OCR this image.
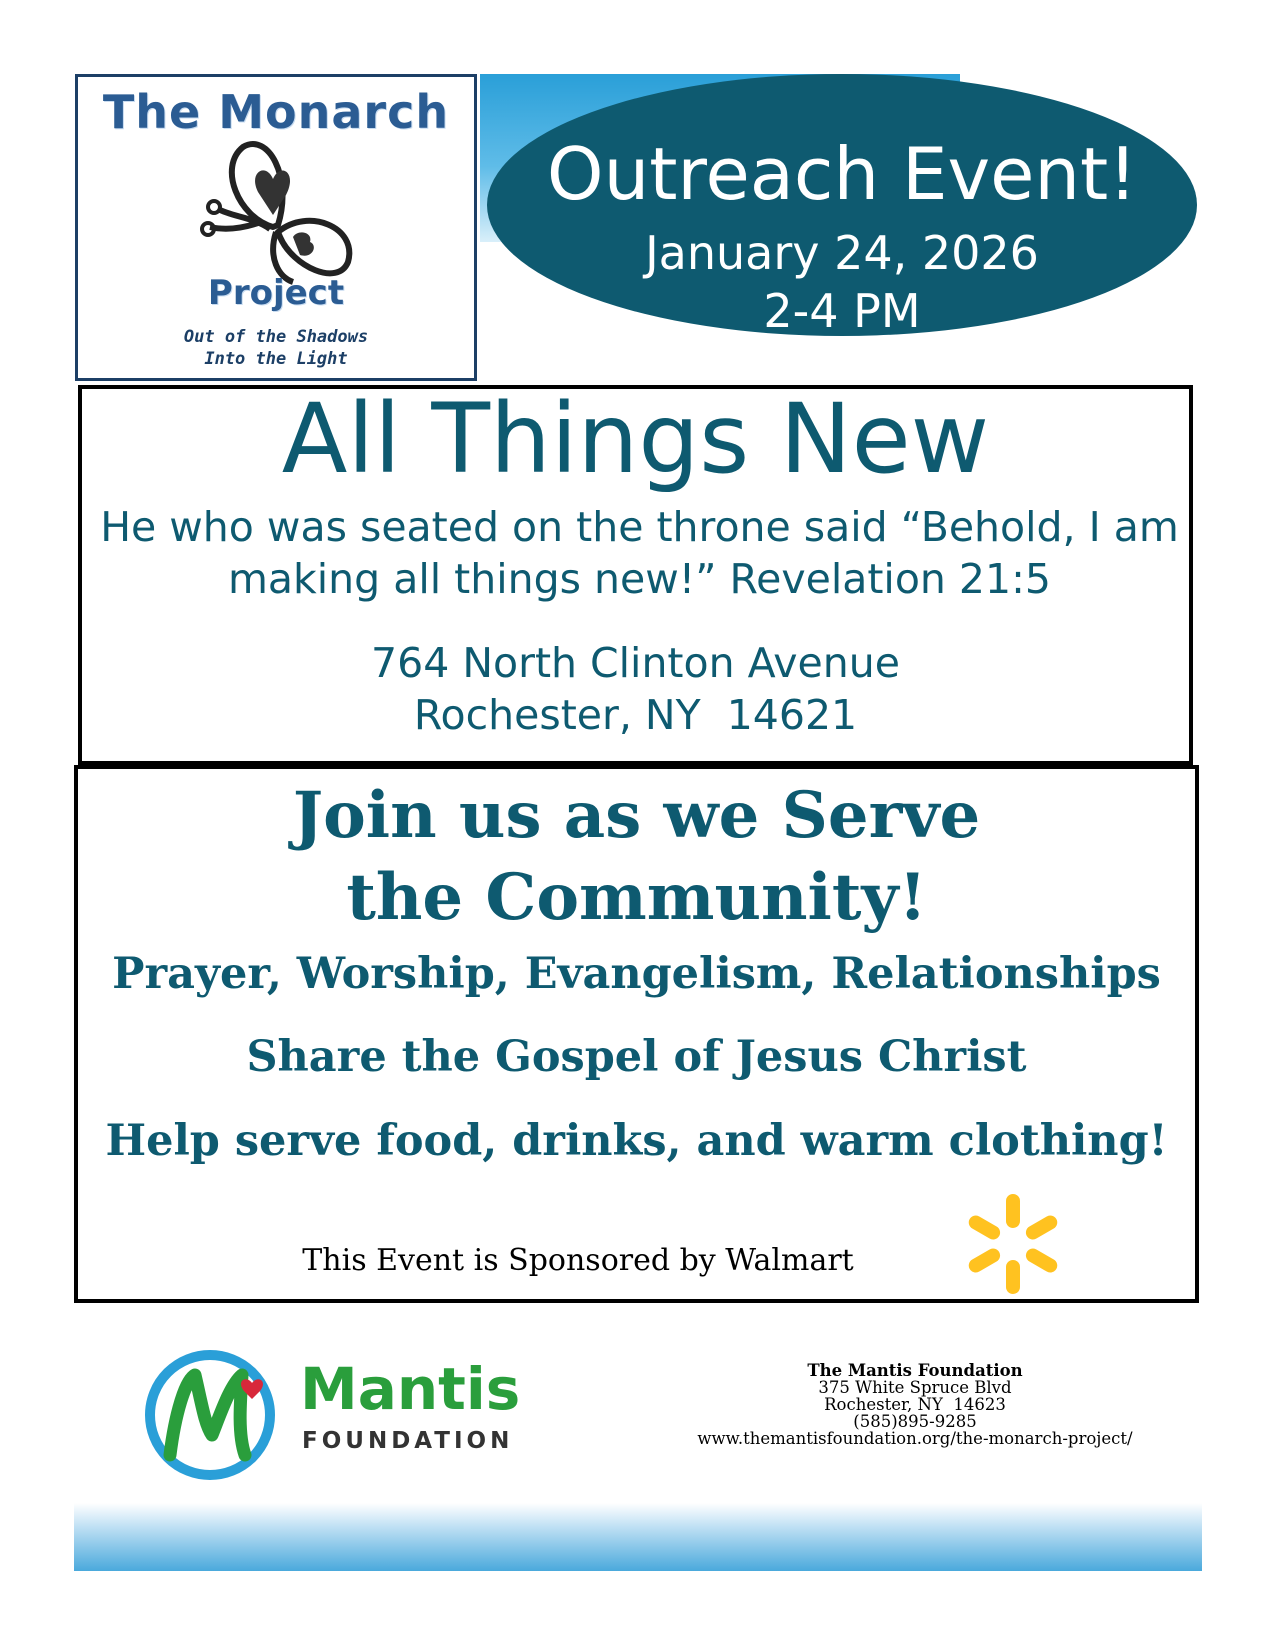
The Monarch
Project
Out of the Shadows
Into the Light
Outreach Event!
January 24, 2026
2-4 PM
All Things New
He who was seated on the throne said “Behold, I am making all things new!” Revelation 21:5
764 North Clinton Avenue
Rochester, NY  14621
Join us as we Serve
the Community!
Prayer, Worship, Evangelism, Relationships
Share the Gospel of Jesus Christ
Help serve food, drinks, and warm clothing!
This Event is Sponsored by Walmart
Mantis
FOUNDATION
The Mantis Foundation
375 White Spruce Blvd
Rochester, NY  14623
(585)895-9285
www.themantisfoundation.org/the-monarch-project/
